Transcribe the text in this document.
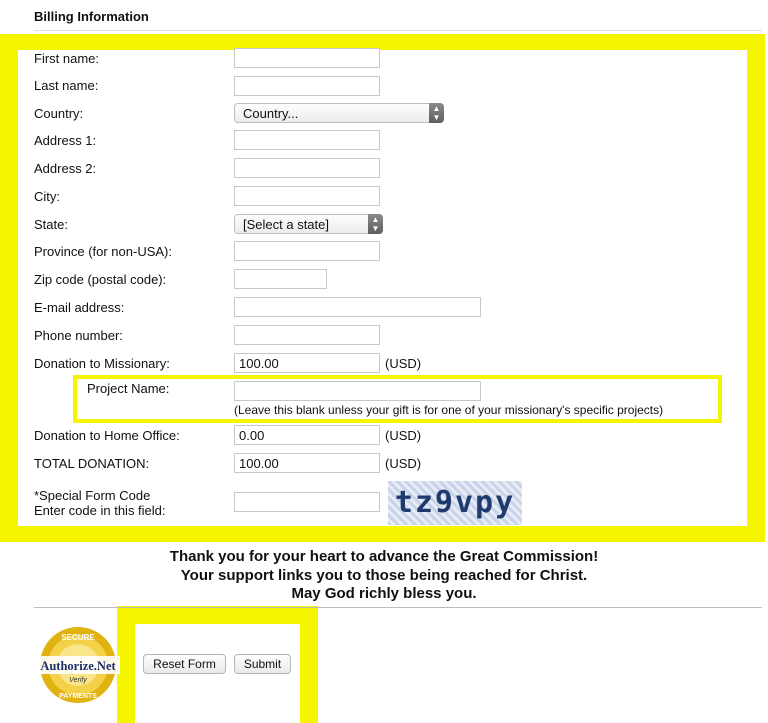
Billing Information
First name:
Last name:
Country:	Country...	▲
▼
Address 1:
Address 2:
City:
State:	[Select a state]	▲
▼
Province (for non-USA):
Zip code (postal code):
E-mail address:
Phone number:
Donation to Missionary:
100.00	(USD)
Project Name:
(Leave this blank unless your gift is for one of your missionary's specific projects)
Donation to Home Office:
0.00	(USD)
TOTAL DONATION:
100.00	(USD)
*Special Form Code
Enter code in this field:	tz9vpy
Thank you for your heart to advance the Great Commission!
Your support links you to those being reached for Christ.
May God richly bless you.
SECURE
Authorize.Net
Verify
PAYMENTS
Reset Form	Submit
